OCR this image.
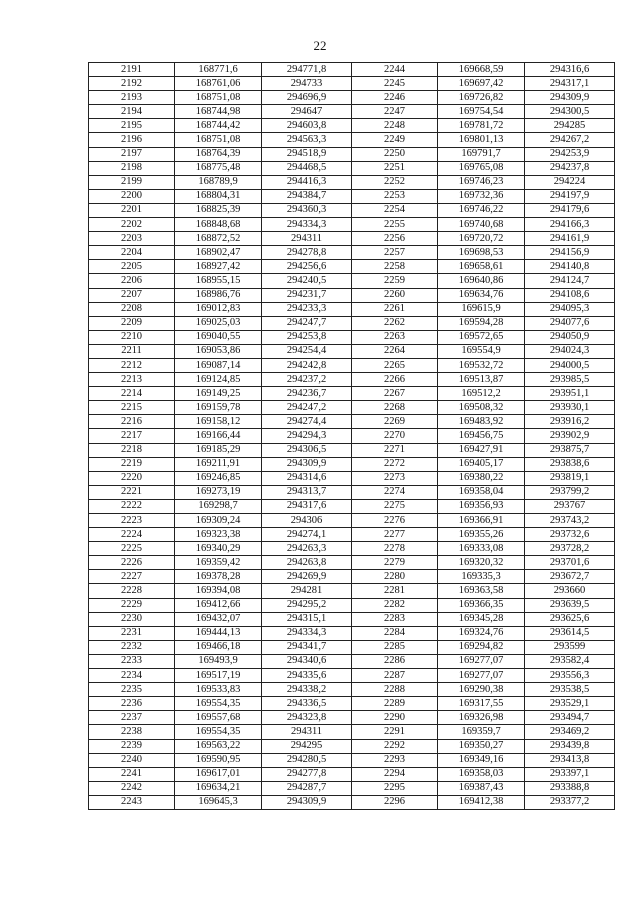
22
2191	168771,6	294771,8	2244	169668,59	294316,6
2192	168761,06	294733	2245	169697,42	294317,1
2193	168751,08	294696,9	2246	169726,82	294309,9
2194	168744,98	294647	2247	169754,54	294300,5
2195	168744,42	294603,8	2248	169781,72	294285
2196	168751,08	294563,3	2249	169801,13	294267,2
2197	168764,39	294518,9	2250	169791,7	294253,9
2198	168775,48	294468,5	2251	169765,08	294237,8
2199	168789,9	294416,3	2252	169746,23	294224
2200	168804,31	294384,7	2253	169732,36	294197,9
2201	168825,39	294360,3	2254	169746,22	294179,6
2202	168848,68	294334,3	2255	169740,68	294166,3
2203	168872,52	294311	2256	169720,72	294161,9
2204	168902,47	294278,8	2257	169698,53	294156,9
2205	168927,42	294256,6	2258	169658,61	294140,8
2206	168955,15	294240,5	2259	169640,86	294124,7
2207	168986,76	294231,7	2260	169634,76	294108,6
2208	169012,83	294233,3	2261	169615,9	294095,3
2209	169025,03	294247,7	2262	169594,28	294077,6
2210	169040,55	294253,8	2263	169572,65	294050,9
2211	169053,86	294254,4	2264	169554,9	294024,3
2212	169087,14	294242,8	2265	169532,72	294000,5
2213	169124,85	294237,2	2266	169513,87	293985,5
2214	169149,25	294236,7	2267	169512,2	293951,1
2215	169159,78	294247,2	2268	169508,32	293930,1
2216	169158,12	294274,4	2269	169483,92	293916,2
2217	169166,44	294294,3	2270	169456,75	293902,9
2218	169185,29	294306,5	2271	169427,91	293875,7
2219	169211,91	294309,9	2272	169405,17	293838,6
2220	169246,85	294314,6	2273	169380,22	293819,1
2221	169273,19	294313,7	2274	169358,04	293799,2
2222	169298,7	294317,6	2275	169356,93	293767
2223	169309,24	294306	2276	169366,91	293743,2
2224	169323,38	294274,1	2277	169355,26	293732,6
2225	169340,29	294263,3	2278	169333,08	293728,2
2226	169359,42	294263,8	2279	169320,32	293701,6
2227	169378,28	294269,9	2280	169335,3	293672,7
2228	169394,08	294281	2281	169363,58	293660
2229	169412,66	294295,2	2282	169366,35	293639,5
2230	169432,07	294315,1	2283	169345,28	293625,6
2231	169444,13	294334,3	2284	169324,76	293614,5
2232	169466,18	294341,7	2285	169294,82	293599
2233	169493,9	294340,6	2286	169277,07	293582,4
2234	169517,19	294335,6	2287	169277,07	293556,3
2235	169533,83	294338,2	2288	169290,38	293538,5
2236	169554,35	294336,5	2289	169317,55	293529,1
2237	169557,68	294323,8	2290	169326,98	293494,7
2238	169554,35	294311	2291	169359,7	293469,2
2239	169563,22	294295	2292	169350,27	293439,8
2240	169590,95	294280,5	2293	169349,16	293413,8
2241	169617,01	294277,8	2294	169358,03	293397,1
2242	169634,21	294287,7	2295	169387,43	293388,8
2243	169645,3	294309,9	2296	169412,38	293377,2
